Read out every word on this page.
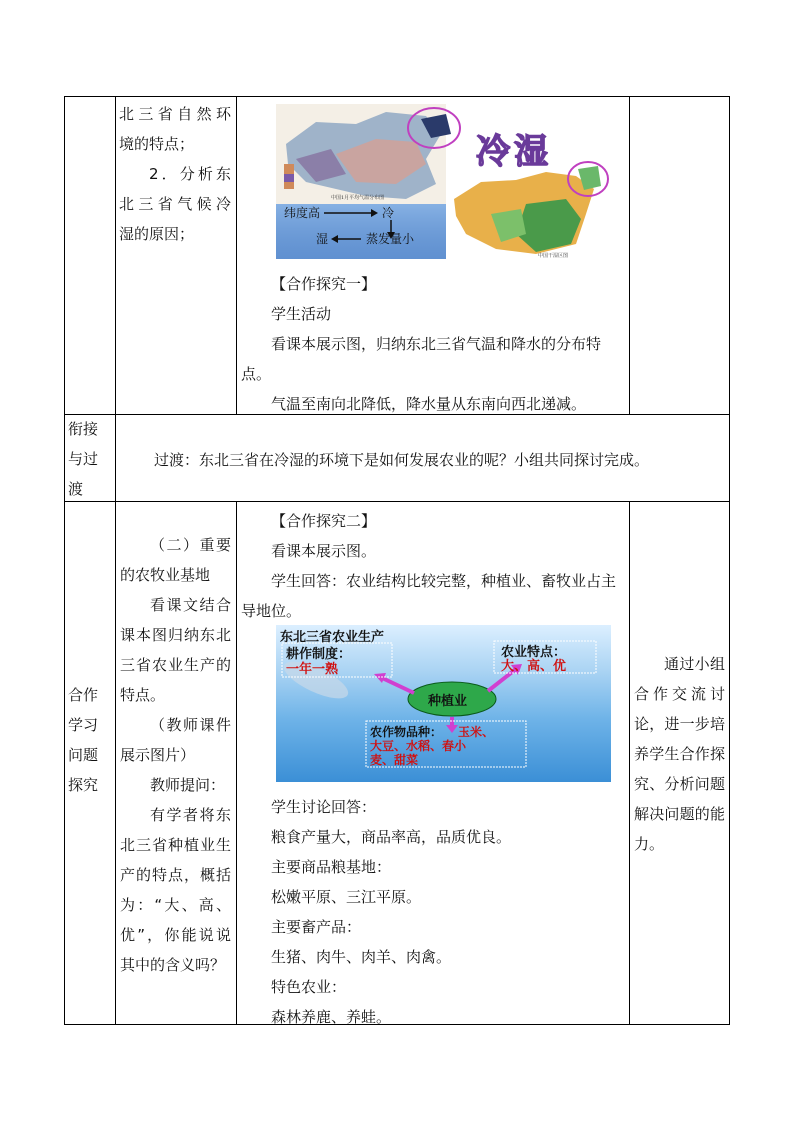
北三省自然环

境的特点；

2．分析东

北三省气候冷

湿的原因；

冷湿
纬度高	冷
蒸发量小
湿
中国1月平均气温分布图
中国干湿区图

【合作探究一】

学生活动

看课本展示图，归纳东北三省气温和降水的分布特点。

气温至南向北降低，降水量从东南向西北递减。

衔接

与过

渡

过渡：东北三省在冷湿的环境下是如何发展农业的呢？小组共同探讨完成。

合作

学习

问题

探究

（二）重要的农牧业基地

看课文结合课本图归纳东北三省农业生产的特点。

（教师课件展示图片）

教师提问：

有学者将东北三省种植业生产的特点，概括为：“大、高、优”，你能说说其中的含义吗？

【合作探究二】

看课本展示图。

学生回答：农业结构比较完整，种植业、畜牧业占主导地位。

东北三省农业生产
耕作制度：
一年一熟
农业特点：
大、高、优
种植业
农作物品种： 玉米、
大豆、水稻、春小
麦、甜菜

学生讨论回答：

粮食产量大，商品率高，品质优良。

主要商品粮基地：

松嫩平原、三江平原。

主要畜产品：

生猪、肉牛、肉羊、肉禽。

特色农业：

森林养鹿、养蛙。

通过小组合作交流讨论，进一步培养学生合作探究、分析问题解决问题的能力。
